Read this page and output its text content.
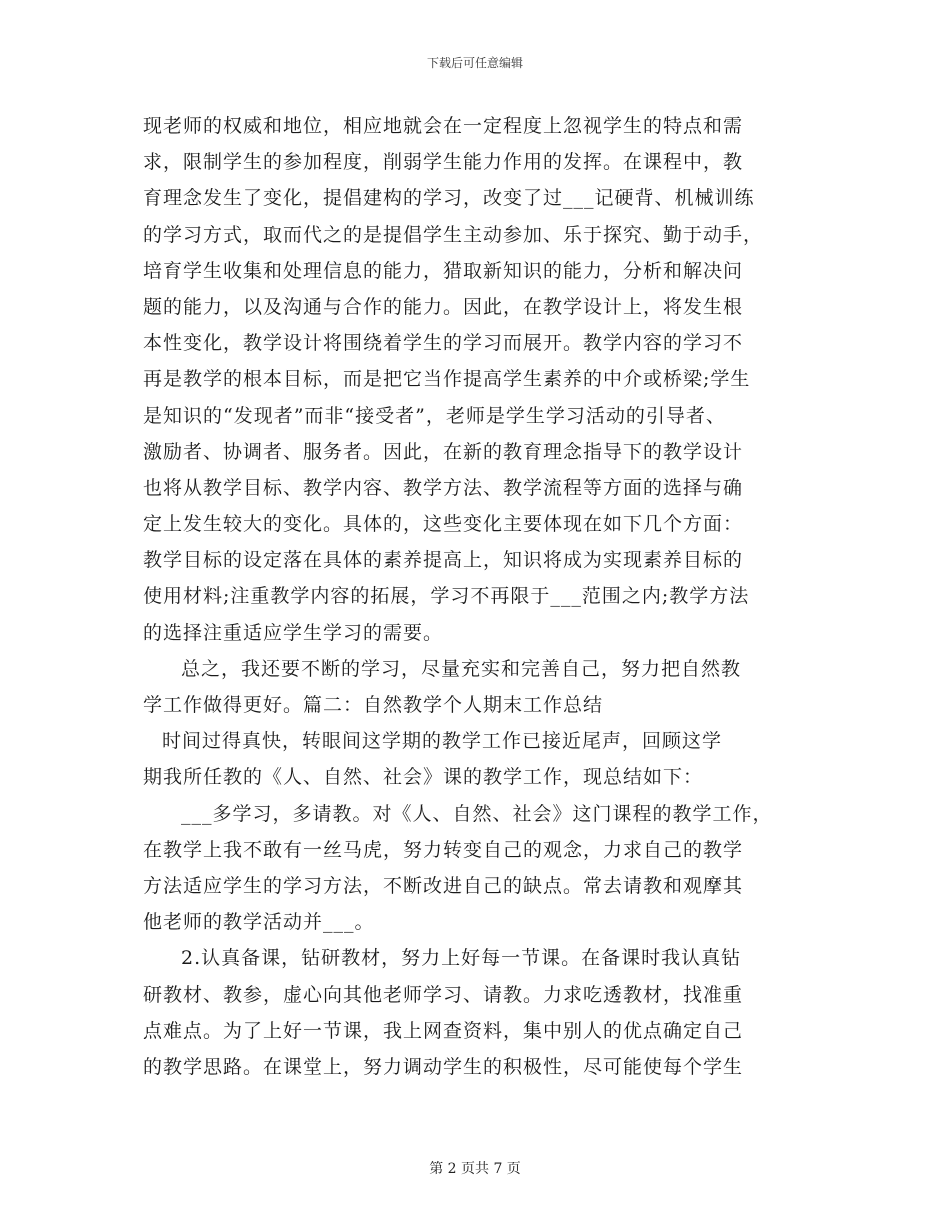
下载后可任意编辑
现老师的权威和地位，相应地就会在一定程度上忽视学生的特点和需
求，限制学生的参加程度，削弱学生能力作用的发挥。在课程中，教
育理念发生了变化，提倡建构的学习，改变了过___记硬背、机械训练
的学习方式，取而代之的是提倡学生主动参加、乐于探究、勤于动手，
培育学生收集和处理信息的能力，猎取新知识的能力，分析和解决问
题的能力，以及沟通与合作的能力。因此，在教学设计上，将发生根
本性变化，教学设计将围绕着学生的学习而展开。教学内容的学习不
再是教学的根本目标，而是把它当作提高学生素养的中介或桥梁;学生
是知识的“发现者”而非“接受者”，老师是学生学习活动的引导者、
激励者、协调者、服务者。因此，在新的教育理念指导下的教学设计
也将从教学目标、教学内容、教学方法、教学流程等方面的选择与确
定上发生较大的变化。具体的，这些变化主要体现在如下几个方面：
教学目标的设定落在具体的素养提高上，知识将成为实现素养目标的
使用材料;注重教学内容的拓展，学习不再限于___范围之内;教学方法
的选择注重适应学生学习的需要。
总之，我还要不断的学习，尽量充实和完善自己，努力把自然教
学工作做得更好。篇二：自然教学个人期末工作总结
时间过得真快，转眼间这学期的教学工作已接近尾声，回顾这学
期我所任教的《人、自然、社会》课的教学工作，现总结如下：
___多学习，多请教。对《人、自然、社会》这门课程的教学工作，
在教学上我不敢有一丝马虎，努力转变自己的观念，力求自己的教学
方法适应学生的学习方法，不断改进自己的缺点。常去请教和观摩其
他老师的教学活动并___。
2.认真备课，钻研教材，努力上好每一节课。在备课时我认真钻
研教材、教参，虚心向其他老师学习、请教。力求吃透教材，找准重
点难点。为了上好一节课，我上网查资料，集中别人的优点确定自己
的教学思路。在课堂上，努力调动学生的积极性，尽可能使每个学生
第 2 页共 7 页
